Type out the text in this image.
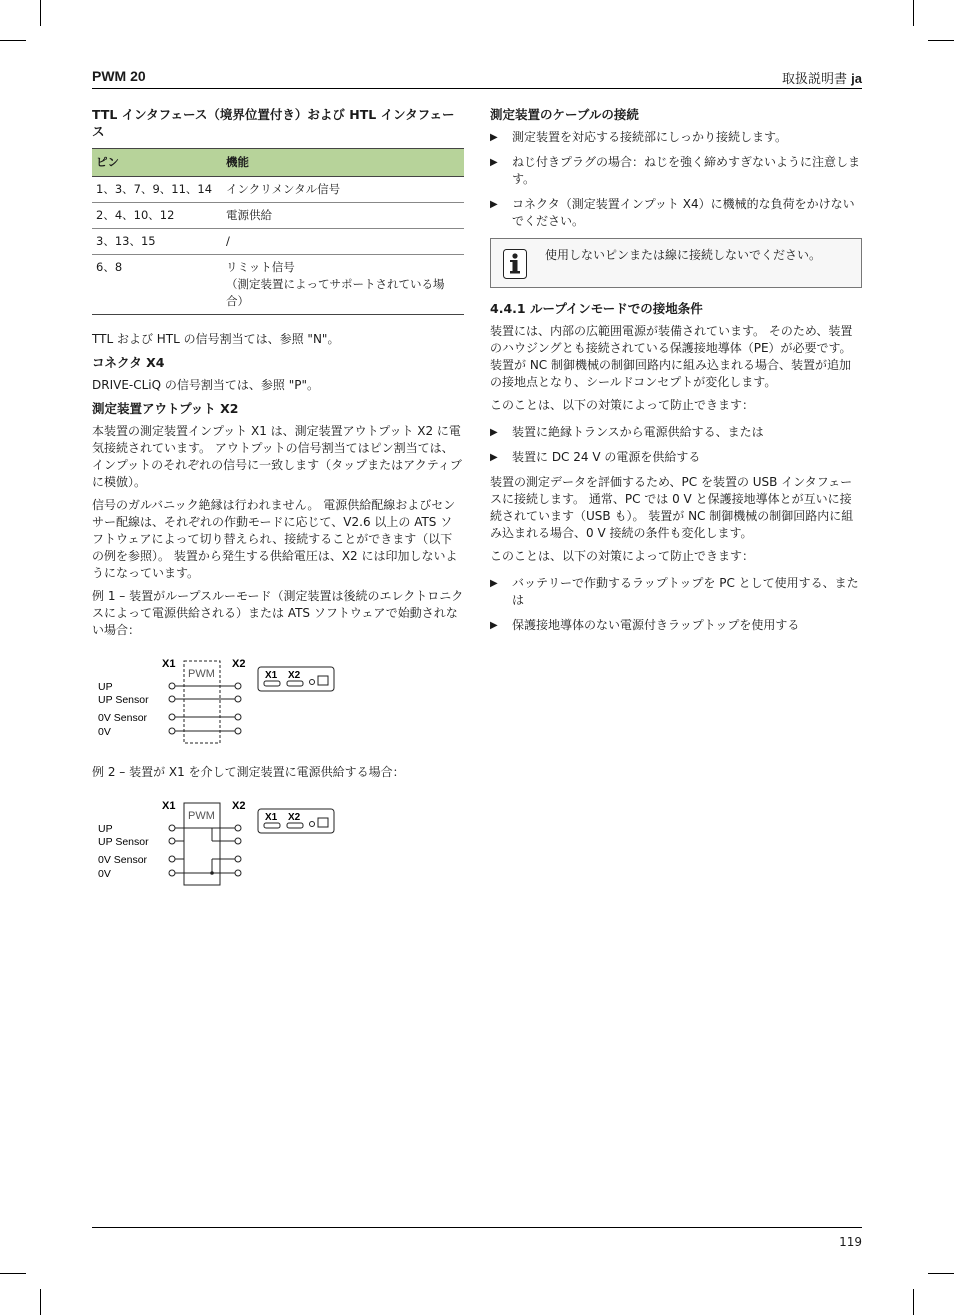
PWM 20	取扱説明書 ja
TTL インタフェース（境界位置付き）および HTL インタフェース
ピン	機能
1、3、7、9、11、14	インクリメンタル信号
2、4、10、12	電源供給
3、13、15	/
6、8	リミット信号
（測定装置によってサポートされている場合）

TTL および HTL の信号割当ては、参照 "N"。

コネクタ X4

DRIVE-CLiQ の信号割当ては、参照 "P"。

測定装置アウトプット X2

本装置の測定装置インプット X1 は、測定装置アウトプット X2 に電気接続されています。 アウトプットの信号割当てはピン割当ては、インプットのそれぞれの信号に一致します（タップまたはアクティブに模倣）。

信号のガルバニック絶縁は行われません。 電源供給配線およびセンサー配線は、それぞれの作動モードに応じて、V2.6 以上の ATS ソフトウェアによって切り替えられ、接続することができます（以下の例を参照）。 装置から発生する供給電圧は、X2 には印加しないようになっています。

例 1 – 装置がループスルーモード（測定装置は後続のエレクトロニクスによって電源供給される）または ATS ソフトウェアで始動されない場合：

X1	X2
PWM
UP
UP Sensor
0V Sensor
0V
X1 X2

例 2 – 装置が X1 を介して測定装置に電源供給する場合：

X1	X2
PWM
UP
UP Sensor
0V Sensor
0V
X1 X2
測定装置のケーブルの接続
▶ 測定装置を対応する接続部にしっかり接続します。
▶ ねじ付きプラグの場合：ねじを強く締めすぎないように注意します。
▶ コネクタ（測定装置インプット X4）に機械的な負荷をかけないでください。
使用しないピンまたは線に接続しないでください。
4.4.1 ループインモードでの接地条件

装置には、内部の広範囲電源が装備されています。 そのため、装置のハウジングとも接続されている保護接地導体（PE）が必要です。 装置が NC 制御機械の制御回路内に組み込まれる場合、装置が追加の接地点となり、シールドコンセプトが変化します。

このことは、以下の対策によって防止できます：

▶ 装置に絶縁トランスから電源供給する、または
▶ 装置に DC 24 V の電源を供給する

装置の測定データを評価するため、PC を装置の USB インタフェースに接続します。 通常、PC では 0 V と保護接地導体とが互いに接続されています（USB も）。 装置が NC 制御機械の制御回路内に組み込まれる場合、0 V 接続の条件も変化します。

このことは、以下の対策によって防止できます：

▶ バッテリーで作動するラップトップを PC として使用する、または
▶ 保護接地導体のない電源付きラップトップを使用する
119
